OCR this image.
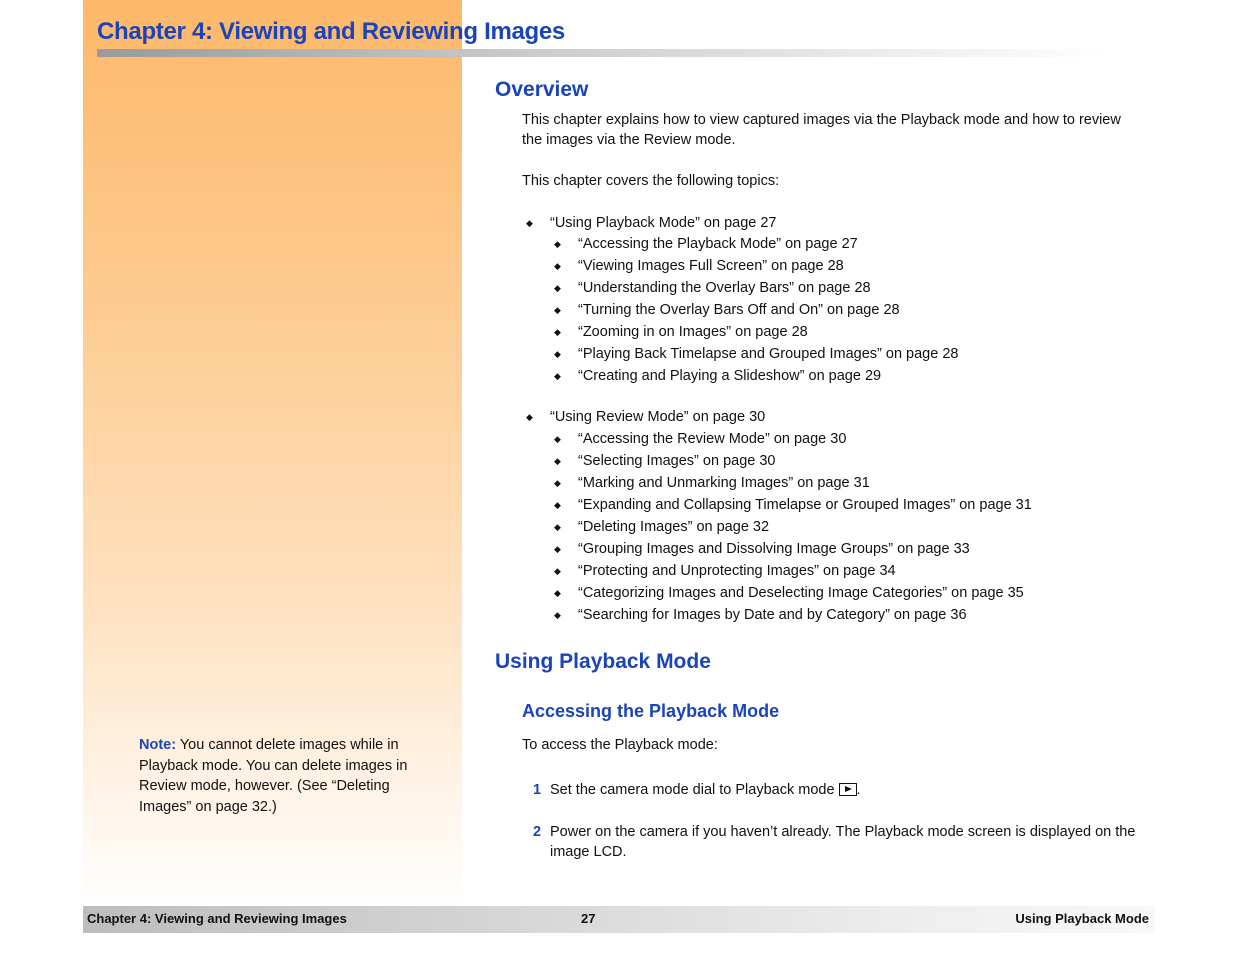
Chapter 4: Viewing and Reviewing Images
Overview

This chapter explains how to view captured images via the Playback mode and how to review the images via the Review mode.

This chapter covers the following topics:

◆ “Using Playback Mode” on page 27
◆ “Accessing the Playback Mode” on page 27
◆ “Viewing Images Full Screen” on page 28
◆ “Understanding the Overlay Bars” on page 28
◆ “Turning the Overlay Bars Off and On” on page 28
◆ “Zooming in on Images” on page 28
◆ “Playing Back Timelapse and Grouped Images” on page 28
◆ “Creating and Playing a Slideshow” on page 29
◆ “Using Review Mode” on page 30
◆ “Accessing the Review Mode” on page 30
◆ “Selecting Images” on page 30
◆ “Marking and Unmarking Images” on page 31
◆ “Expanding and Collapsing Timelapse or Grouped Images” on page 31
◆ “Deleting Images” on page 32
◆ “Grouping Images and Dissolving Image Groups” on page 33
◆ “Protecting and Unprotecting Images” on page 34
◆ “Categorizing Images and Deselecting Image Categories” on page 35
◆ “Searching for Images by Date and by Category” on page 36
Using Playback Mode
Accessing the Playback Mode

To access the Playback mode:

1 Set the camera mode dial to Playback mode .

2 Power on the camera if you haven’t already. The Playback mode screen is displayed on the image LCD.

Note: You cannot delete images while in Playback mode. You can delete images in Review mode, however. (See “Deleting Images” on page 32.)
Chapter 4: Viewing and Reviewing Images	27	Using Playback Mode
